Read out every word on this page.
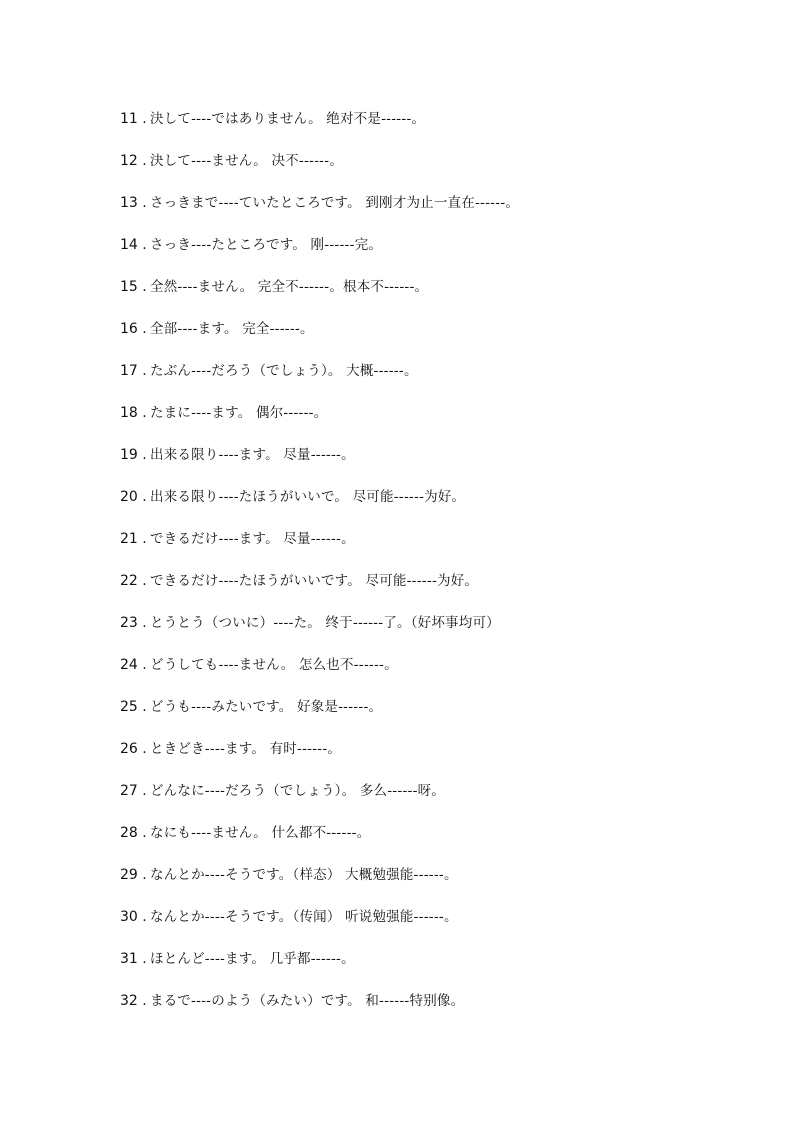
11 . 決して----ではありません。 绝对不是------。
12 . 決して----ません。 决不------。
13 . さっきまで----ていたところです。 到刚才为止一直在------。
14 . さっき----たところです。 刚------完。
15 . 全然----ません。 完全不------。根本不------。
16 . 全部----ます。 完全------。
17 . たぶん----だろう（でしょう）。 大概------。
18 . たまに----ます。 偶尔------。
19 . 出来る限り----ます。 尽量------。
20 . 出来る限り----たほうがいいで。 尽可能------为好。
21 . できるだけ----ます。 尽量------。
22 . できるだけ----たほうがいいです。 尽可能------为好。
23 . とうとう（ついに）----た。 终于------了。（好坏事均可）
24 . どうしても----ません。 怎么也不------。
25 . どうも----みたいです。 好象是------。
26 . ときどき----ます。 有时------。
27 . どんなに----だろう（でしょう）。 多么------呀。
28 . なにも----ません。 什么都不------。
29 . なんとか----そうです。（样态） 大概勉强能------。
30 . なんとか----そうです。（传闻） 听说勉强能------。
31 . ほとんど----ます。 几乎都------。
32 . まるで----のよう（みたい）です。 和------特别像。
